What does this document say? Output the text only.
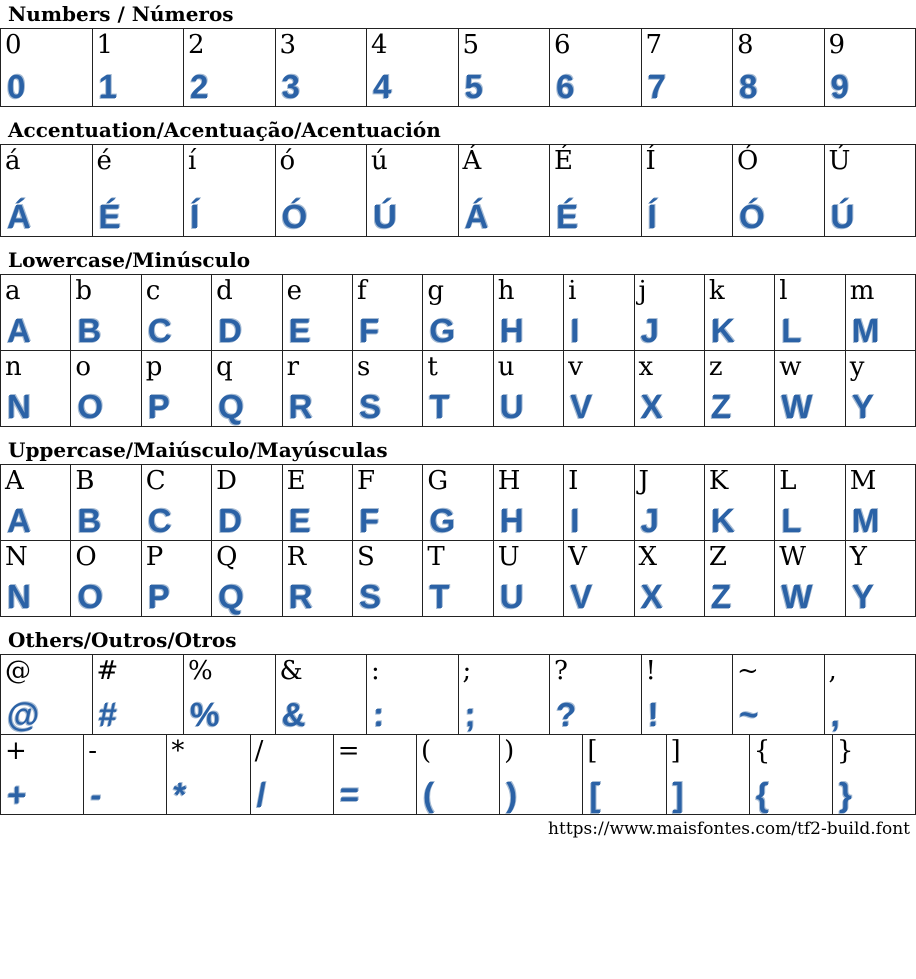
Numbers / Números
0
0
1
1
2
2
3
3
4
4
5
5
6
6
7
7
8
8
9
9
Accentuation/Acentuação/Acentuación
á
Á
é
É
í
Í
ó
Ó
ú
Ú
Á
Á
É
É
Í
Í
Ó
Ó
Ú
Ú
Lowercase/Minúsculo
a
A
b
B
c
C
d
D
e
E
f
F
g
G
h
H
i
I
j
J
k
K
l
L
m
M
n
N
o
O
p
P
q
Q
r
R
s
S
t
T
u
U
v
V
x
X
z
Z
w
W
y
Y
Uppercase/Maiúsculo/Mayúsculas
A
A
B
B
C
C
D
D
E
E
F
F
G
G
H
H
I
I
J
J
K
K
L
L
M
M
N
N
O
O
P
P
Q
Q
R
R
S
S
T
T
U
U
V
V
X
X
Z
Z
W
W
Y
Y
Others/Outros/Otros
@
@
#
#
%
%
&
&
:
:
;
;
?
?
!
!
~
~
,
,
+
+
-
-
*
*
/
/
=
=
(
(
)
)
[
[
]
]
{
{
}
}
https://www.maisfontes.com/tf2-build.font
